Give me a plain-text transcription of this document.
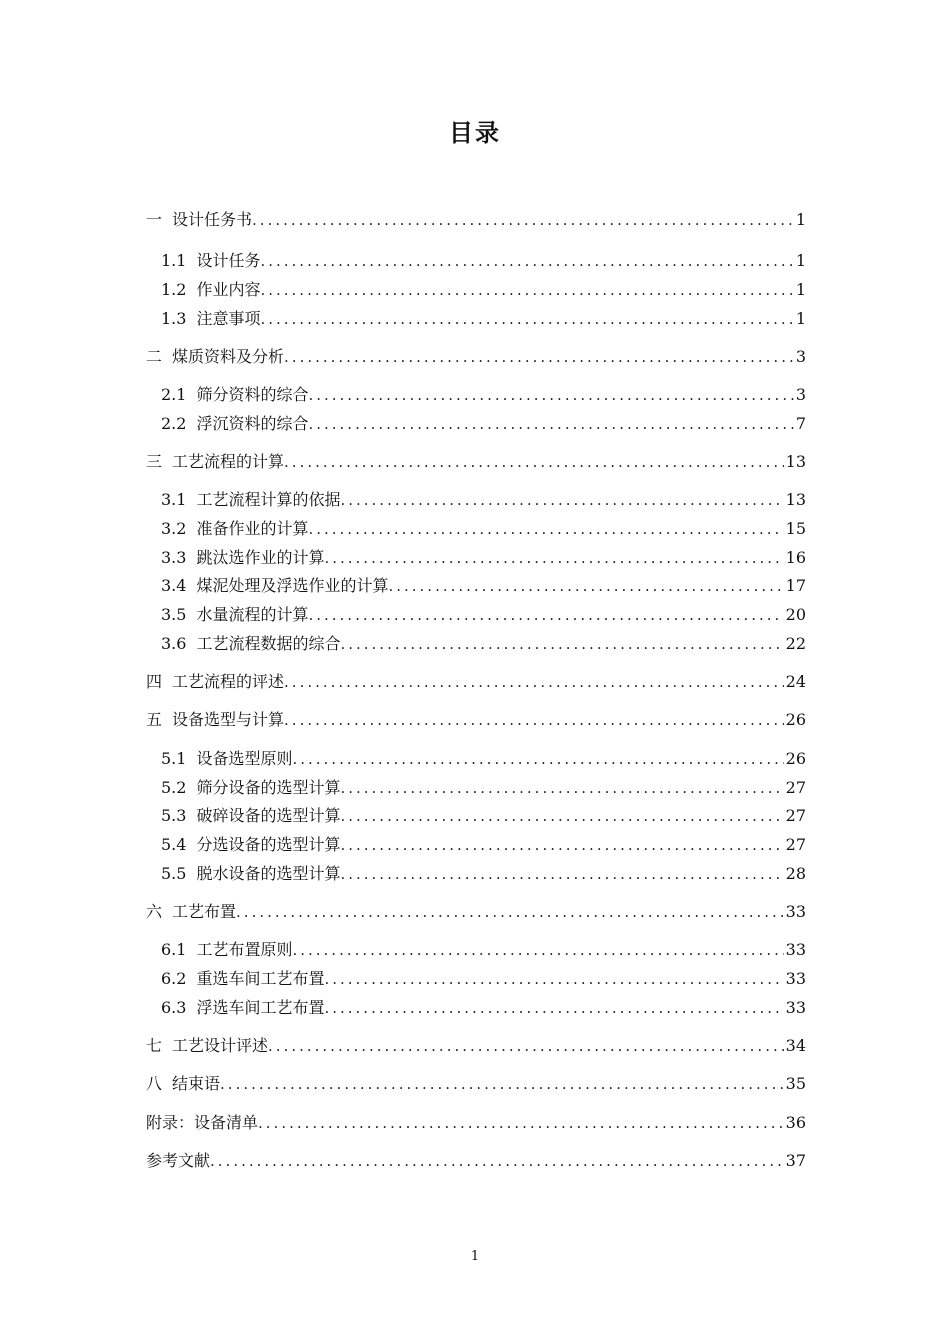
目录
一 设计任务书 .....	1
1.1 设计任务 .....	1
1.2 作业内容 .....	1
1.3 注意事项 .....	1
二 煤质资料及分析 .....	3
2.1 筛分资料的综合 .....	3
2.2 浮沉资料的综合 .....	7
三 工艺流程的计算 .....	13
3.1 工艺流程计算的依据 .....	13
3.2 准备作业的计算 .....	15
3.3 跳汰选作业的计算 .....	16
3.4 煤泥处理及浮选作业的计算 .....	17
3.5 水量流程的计算 .....	20
3.6 工艺流程数据的综合 .....	22
四 工艺流程的评述 .....	24
五 设备选型与计算 .....	26
5.1 设备选型原则 .....	26
5.2 筛分设备的选型计算 .....	27
5.3 破碎设备的选型计算 .....	27
5.4 分选设备的选型计算 .....	27
5.5 脱水设备的选型计算 .....	28
六 工艺布置 .....	33
6.1 工艺布置原则 .....	33
6.2 重选车间工艺布置 .....	33
6.3 浮选车间工艺布置 .....	33
七 工艺设计评述 .....	34
八 结束语 .....	35
附录：设备清单 .....	36
参考文献 .....	37
1
